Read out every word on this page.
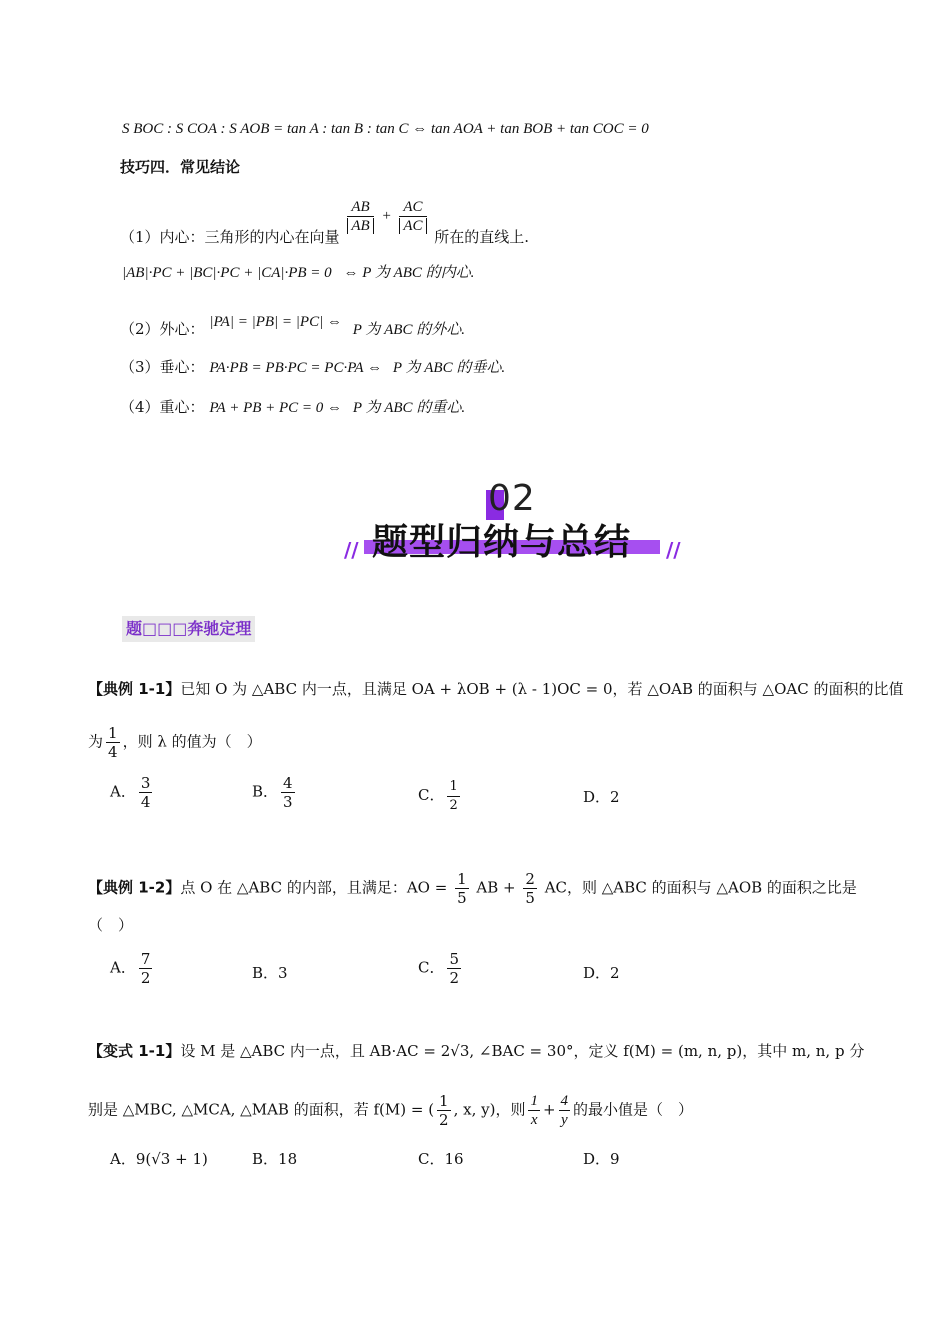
S BOC : S COA : S AOB = tan A : tan B : tan C ⇔ tan AOA + tan BOB + tan COC = 0
技巧四．常见结论
（1）内心：三角形的内心在向量
$\frac{AB}{AB} + \frac{AC}{AC}$
所在的直线上.
|AB|·PC + |BC|·PC + |CA|·PB = 0 ⇔ P 为 ABC 的内心.
（2）外心： |PA| = |PB| = |PC| ⇔ P 为 ABC 的外心.
（3）垂心： PA·PB = PB·PC = PC·PA ⇔ P 为 ABC 的垂心.
（4）重心： PA + PB + PC = 0 ⇔ P 为 ABC 的重心.
02
题型归纳与总结
//	//
题□□□奔驰定理
【典例 1-1】已知 O 为 △ABC 内一点，且满足 OA + λOB + (λ - 1)OC = 0，若 △OAB 的面积与 △OAC 的面积的比值
为 $\frac{1}{4}$ ，则 λ 的值为（　）
A． $\frac{3}{4}$	B． $\frac{4}{3}$	C． $\frac{1}{2}$	D．2
【典例 1-2】点 O 在 △ABC 的内部，且满足：AO = $\frac{1}{5}$ AB + $\frac{2}{5}$ AC，则 △ABC 的面积与 △AOB 的面积之比是
（　）
A． $\frac{7}{2}$	B．3	C． $\frac{5}{2}$	D．2
【变式 1-1】设 M 是 △ABC 内一点，且 AB·AC = 2√3, ∠BAC = 30°，定义 f(M) = (m, n, p)，其中 m, n, p 分
别是 △MBC, △MCA, △MAB 的面积，若 f(M) = ( $\frac{1}{2}$ , x, y)，则 $\frac{1}{x} + \frac{4}{y}$ 的最小值是（　）
A．9(√3 + 1)	B．18	C．16	D．9
